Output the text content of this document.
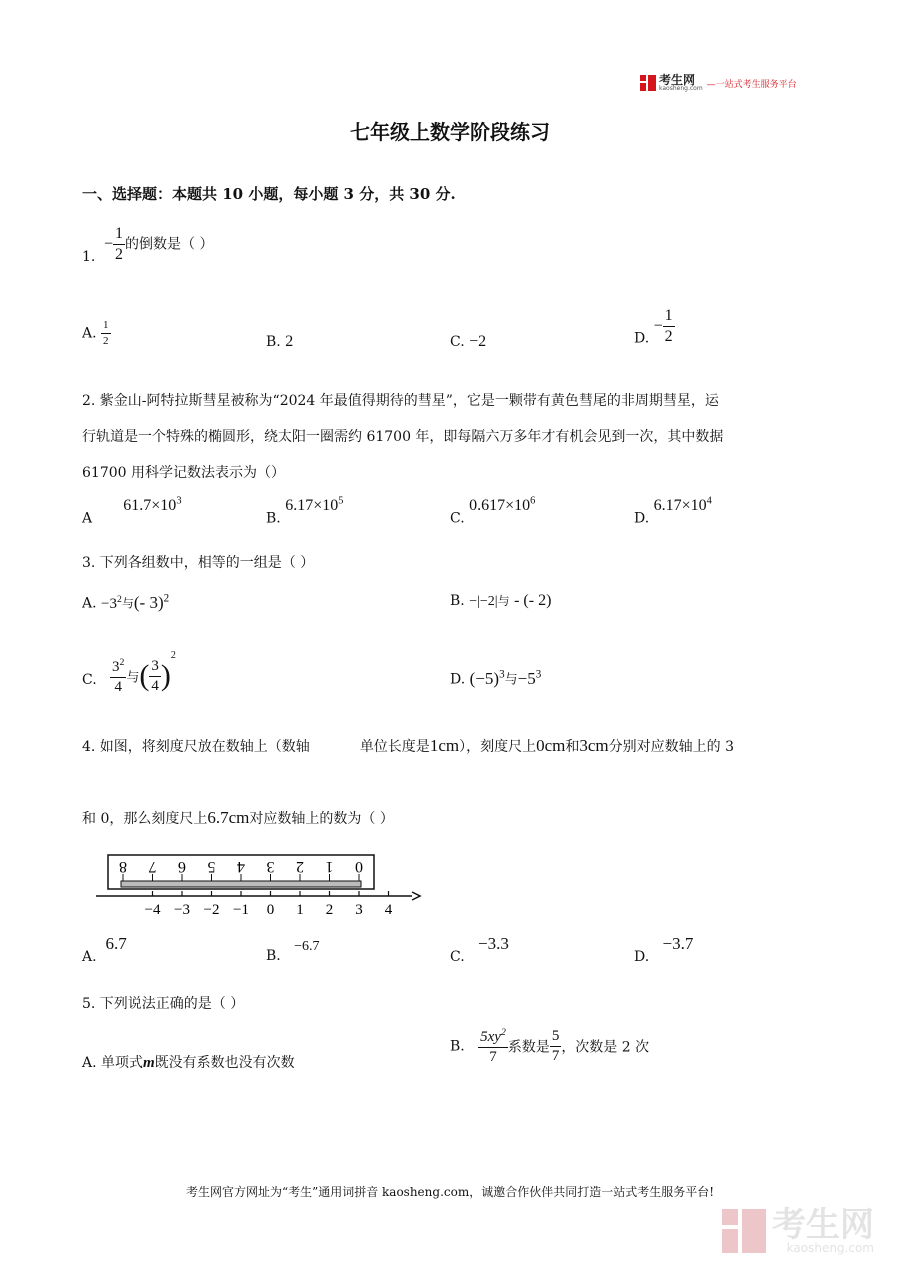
考生网
kaosheng.com —一站式考生服务平台
七年级上数学阶段练习
一、选择题：本题共 10 小题，每小题 3 分，共 30 分.
$1.- \frac{1}{2}$ 的倒数是（ ）
A. $\frac{1}{2}$	B. 2	C. −2	D. − $\frac{1}{2}$
2. 紫金山-阿特拉斯彗星被称为“2024 年最值得期待的彗星”，它是一颗带有黄色彗尾的非周期彗星，运
行轨道是一个特殊的椭圆形，绕太阳一圈需约 61700 年，即每隔六万多年才有机会见到一次，其中数据
61700 用科学记数法表示为（）
A       $61.7\times 10^3$
B. $6.17\times 10^5$
C. $0.617\times 10^6$
D. $6.17\times 10^4$
3. 下列各组数中，相等的一组是（ ）
A. $-3^2$与(- 3)$^2$	B. −|−2|与 - (- 2)
C. $\frac{3^2}{4}$ 与( $\frac{3}{4} )^2$
D. $(-5)^3$与$-5^3$
4. 如图，将刻度尺放在数轴上（数轴	单位长度是1cm），刻度尺上0cm和3cm分别对应数轴上的 3
和 0，那么刻度尺上6.7cm对应数轴上的数为（ ）
8 7 6 5 4 3 2 1 0
−4 −3 −2 −1 0 1 2 3 4
A.  6.7
B.   −6.7
C.   −3.3
D.   −3.7
5. 下列说法正确的是（ ）
A. 单项式m既没有系数也没有次数
B. $\frac{5xy^2}{7}$ 系数是 $\frac{5}{7}$ ，次数是 2 次
考生网官方网址为“考生”通用词拼音 kaosheng.com，诚邀合作伙伴共同打造一站式考生服务平台!
考生网
kaosheng.com
